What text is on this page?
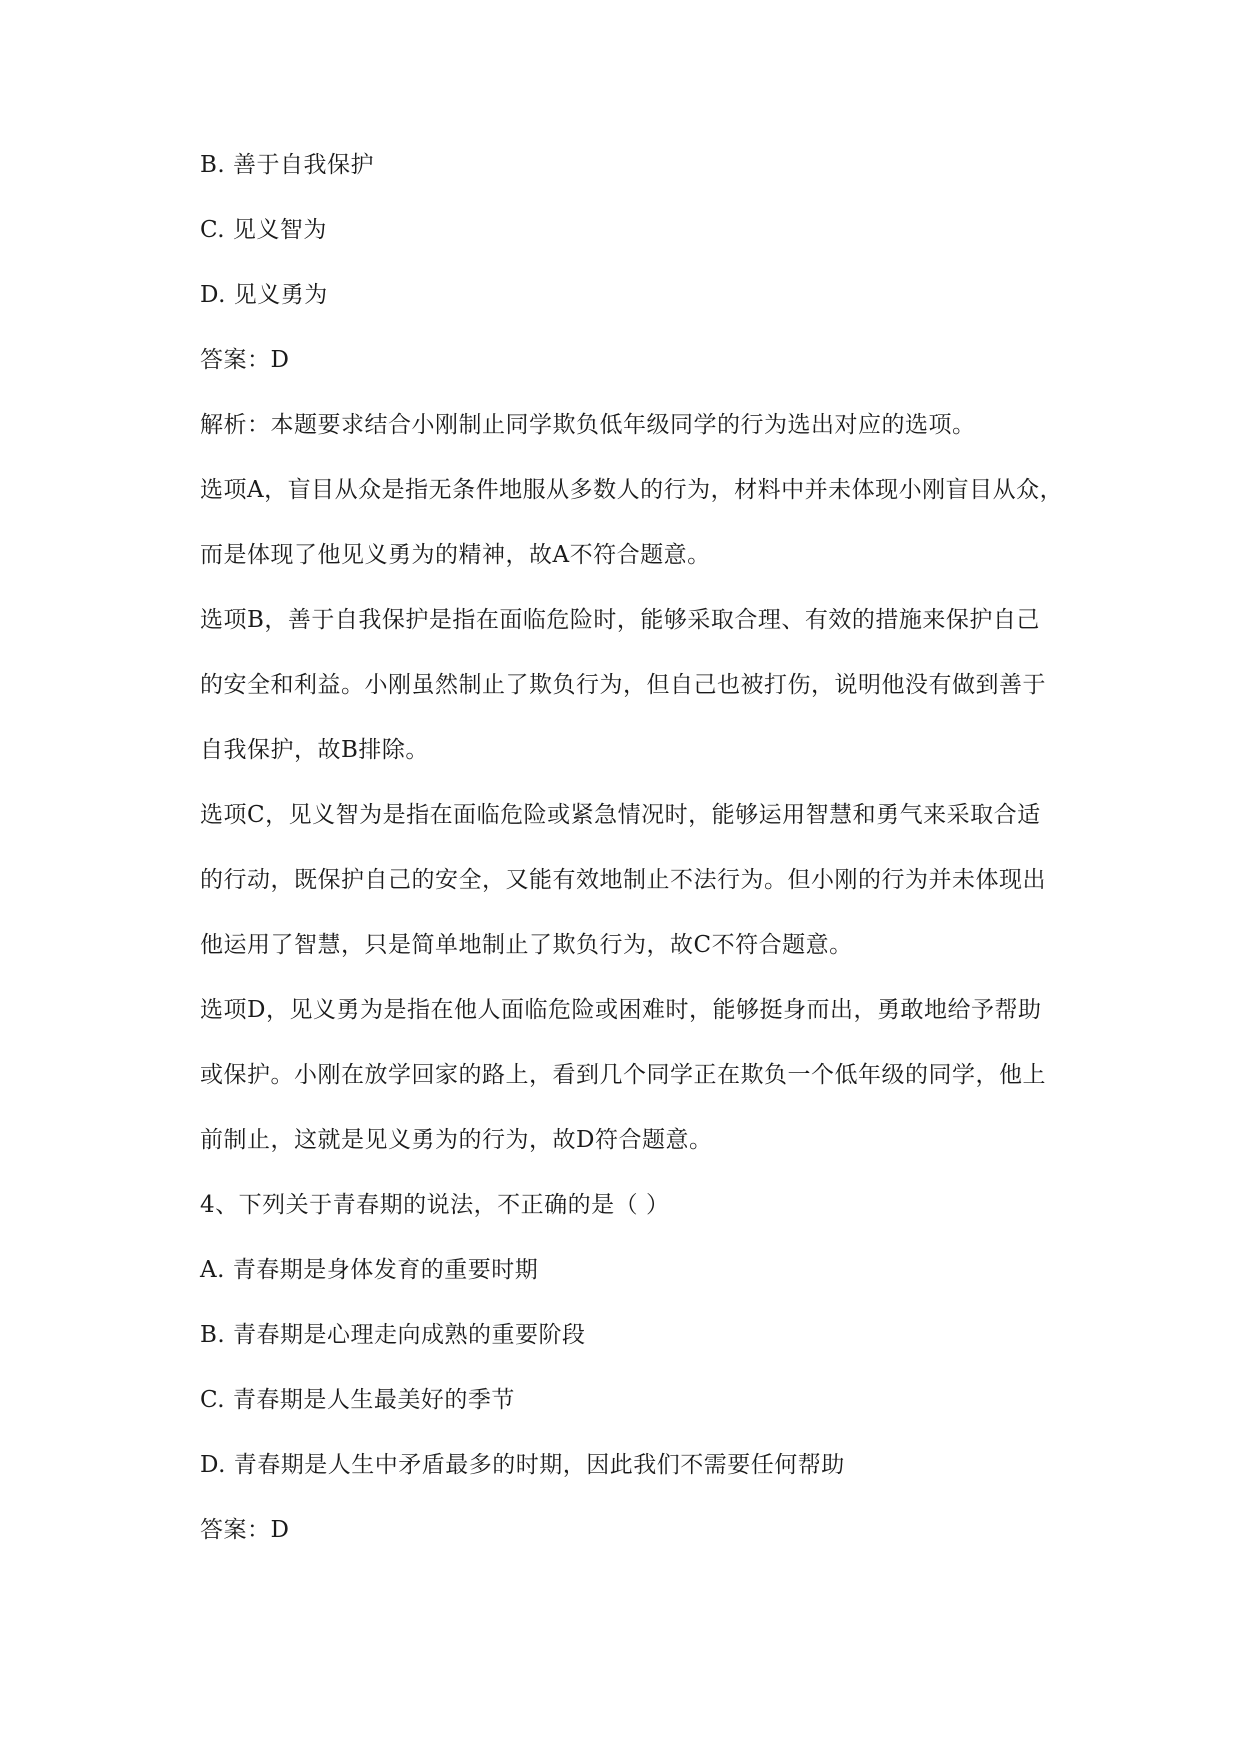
B. 善于自我保护
C. 见义智为
D. 见义勇为
答案：D
解析：本题要求结合小刚制止同学欺负低年级同学的行为选出对应的选项。
选项A，盲目从众是指无条件地服从多数人的行为，材料中并未体现小刚盲目从众，
而是体现了他见义勇为的精神，故A不符合题意。
选项B，善于自我保护是指在面临危险时，能够采取合理、有效的措施来保护自己
的安全和利益。小刚虽然制止了欺负行为，但自己也被打伤，说明他没有做到善于
自我保护，故B排除。
选项C，见义智为是指在面临危险或紧急情况时，能够运用智慧和勇气来采取合适
的行动，既保护自己的安全，又能有效地制止不法行为。但小刚的行为并未体现出
他运用了智慧，只是简单地制止了欺负行为，故C不符合题意。
选项D，见义勇为是指在他人面临危险或困难时，能够挺身而出，勇敢地给予帮助
或保护。小刚在放学回家的路上，看到几个同学正在欺负一个低年级的同学，他上
前制止，这就是见义勇为的行为，故D符合题意。
4、下列关于青春期的说法，不正确的是（ ）
A. 青春期是身体发育的重要时期
B. 青春期是心理走向成熟的重要阶段
C. 青春期是人生最美好的季节
D. 青春期是人生中矛盾最多的时期，因此我们不需要任何帮助
答案：D
